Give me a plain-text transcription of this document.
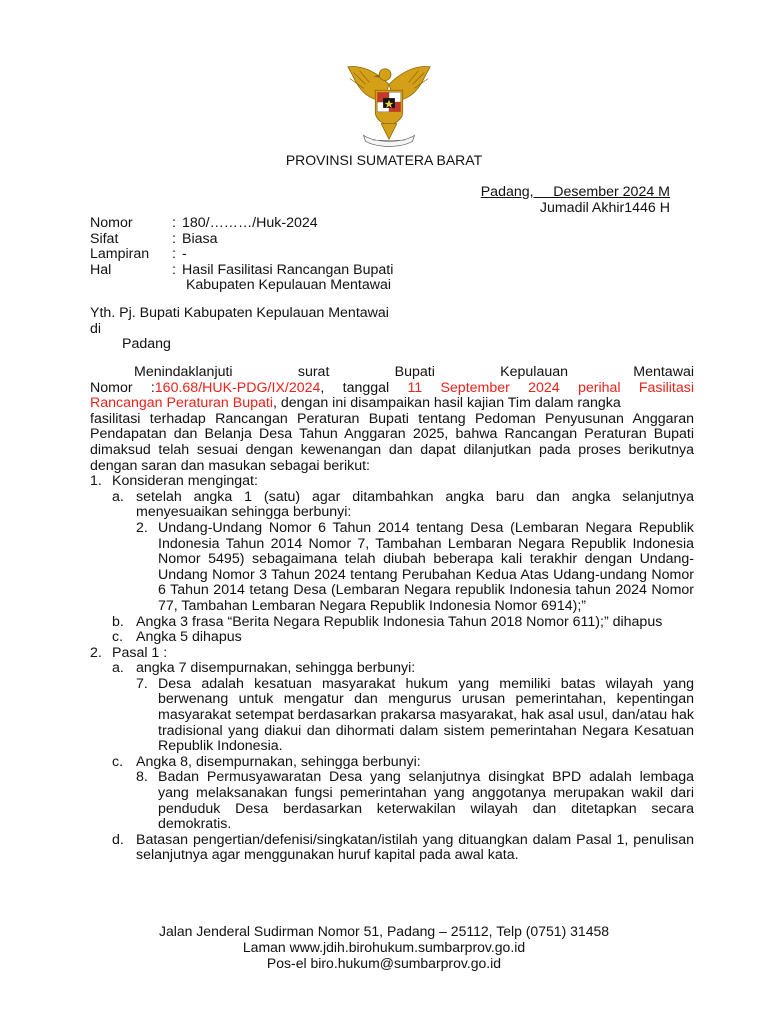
PROVINSI SUMATERA BARAT
Padang,     Desember 2024 M
Jumadil Akhir1446 H
Nomor	: 180/………/Huk-2024
Sifat	: Biasa
Lampiran	: -
Hal	: Hasil Fasilitasi Rancangan Bupati
Kabupaten Kepulauan Mentawai
Yth. Pj. Bupati Kabupaten Kepulauan Mentawai
di
Padang
Menindaklanjuti surat Bupati Kepulauan Mentawai
Nomor :160.68/HUK-PDG/IX/2024, tanggal 11 September 2024 perihal Fasilitasi
Rancangan Peraturan Bupati, dengan ini disampaikan hasil kajian Tim dalam rangka
fasilitasi terhadap Rancangan Peraturan Bupati tentang Pedoman Penyusunan Anggaran Pendapatan dan Belanja Desa Tahun Anggaran 2025, bahwa Rancangan Peraturan Bupati dimaksud telah sesuai dengan kewenangan dan dapat dilanjutkan pada proses berikutnya dengan saran dan masukan sebagai berikut:
1. Konsideran mengingat:
a. setelah angka 1 (satu) agar ditambahkan angka baru dan angka selanjutnya menyesuaikan sehingga berbunyi:
2. Undang-Undang Nomor 6 Tahun 2014 tentang Desa (Lembaran Negara Republik Indonesia Tahun 2014 Nomor 7, Tambahan Lembaran Negara Republik Indonesia Nomor 5495) sebagaimana telah diubah beberapa kali terakhir dengan Undang-Undang Nomor 3 Tahun 2024 tentang Perubahan Kedua Atas Udang-undang Nomor 6 Tahun 2014 tetang Desa (Lembaran Negara republik Indonesia tahun 2024 Nomor 77, Tambahan Lembaran Negara Republik Indonesia Nomor 6914);”
b. Angka 3 frasa “Berita Negara Republik Indonesia Tahun 2018 Nomor 611);” dihapus
c. Angka 5 dihapus
2. Pasal 1 :
a. angka 7 disempurnakan, sehingga berbunyi:
7. Desa adalah kesatuan masyarakat hukum yang memiliki batas wilayah yang berwenang untuk mengatur dan mengurus urusan pemerintahan, kepentingan masyarakat setempat berdasarkan prakarsa masyarakat, hak asal usul, dan/atau hak tradisional yang diakui dan dihormati dalam sistem pemerintahan Negara Kesatuan Republik Indonesia.
c. Angka 8, disempurnakan, sehingga berbunyi:
8. Badan Permusyawaratan Desa yang selanjutnya disingkat BPD adalah lembaga yang melaksanakan fungsi pemerintahan yang anggotanya merupakan wakil dari penduduk Desa berdasarkan keterwakilan wilayah dan ditetapkan secara demokratis.
d. Batasan pengertian/defenisi/singkatan/istilah yang dituangkan dalam Pasal 1, penulisan selanjutnya agar menggunakan huruf kapital pada awal kata.
Jalan Jenderal Sudirman Nomor 51, Padang – 25112, Telp (0751) 31458
Laman www.jdih.birohukum.sumbarprov.go.id
Pos-el biro.hukum@sumbarprov.go.id
